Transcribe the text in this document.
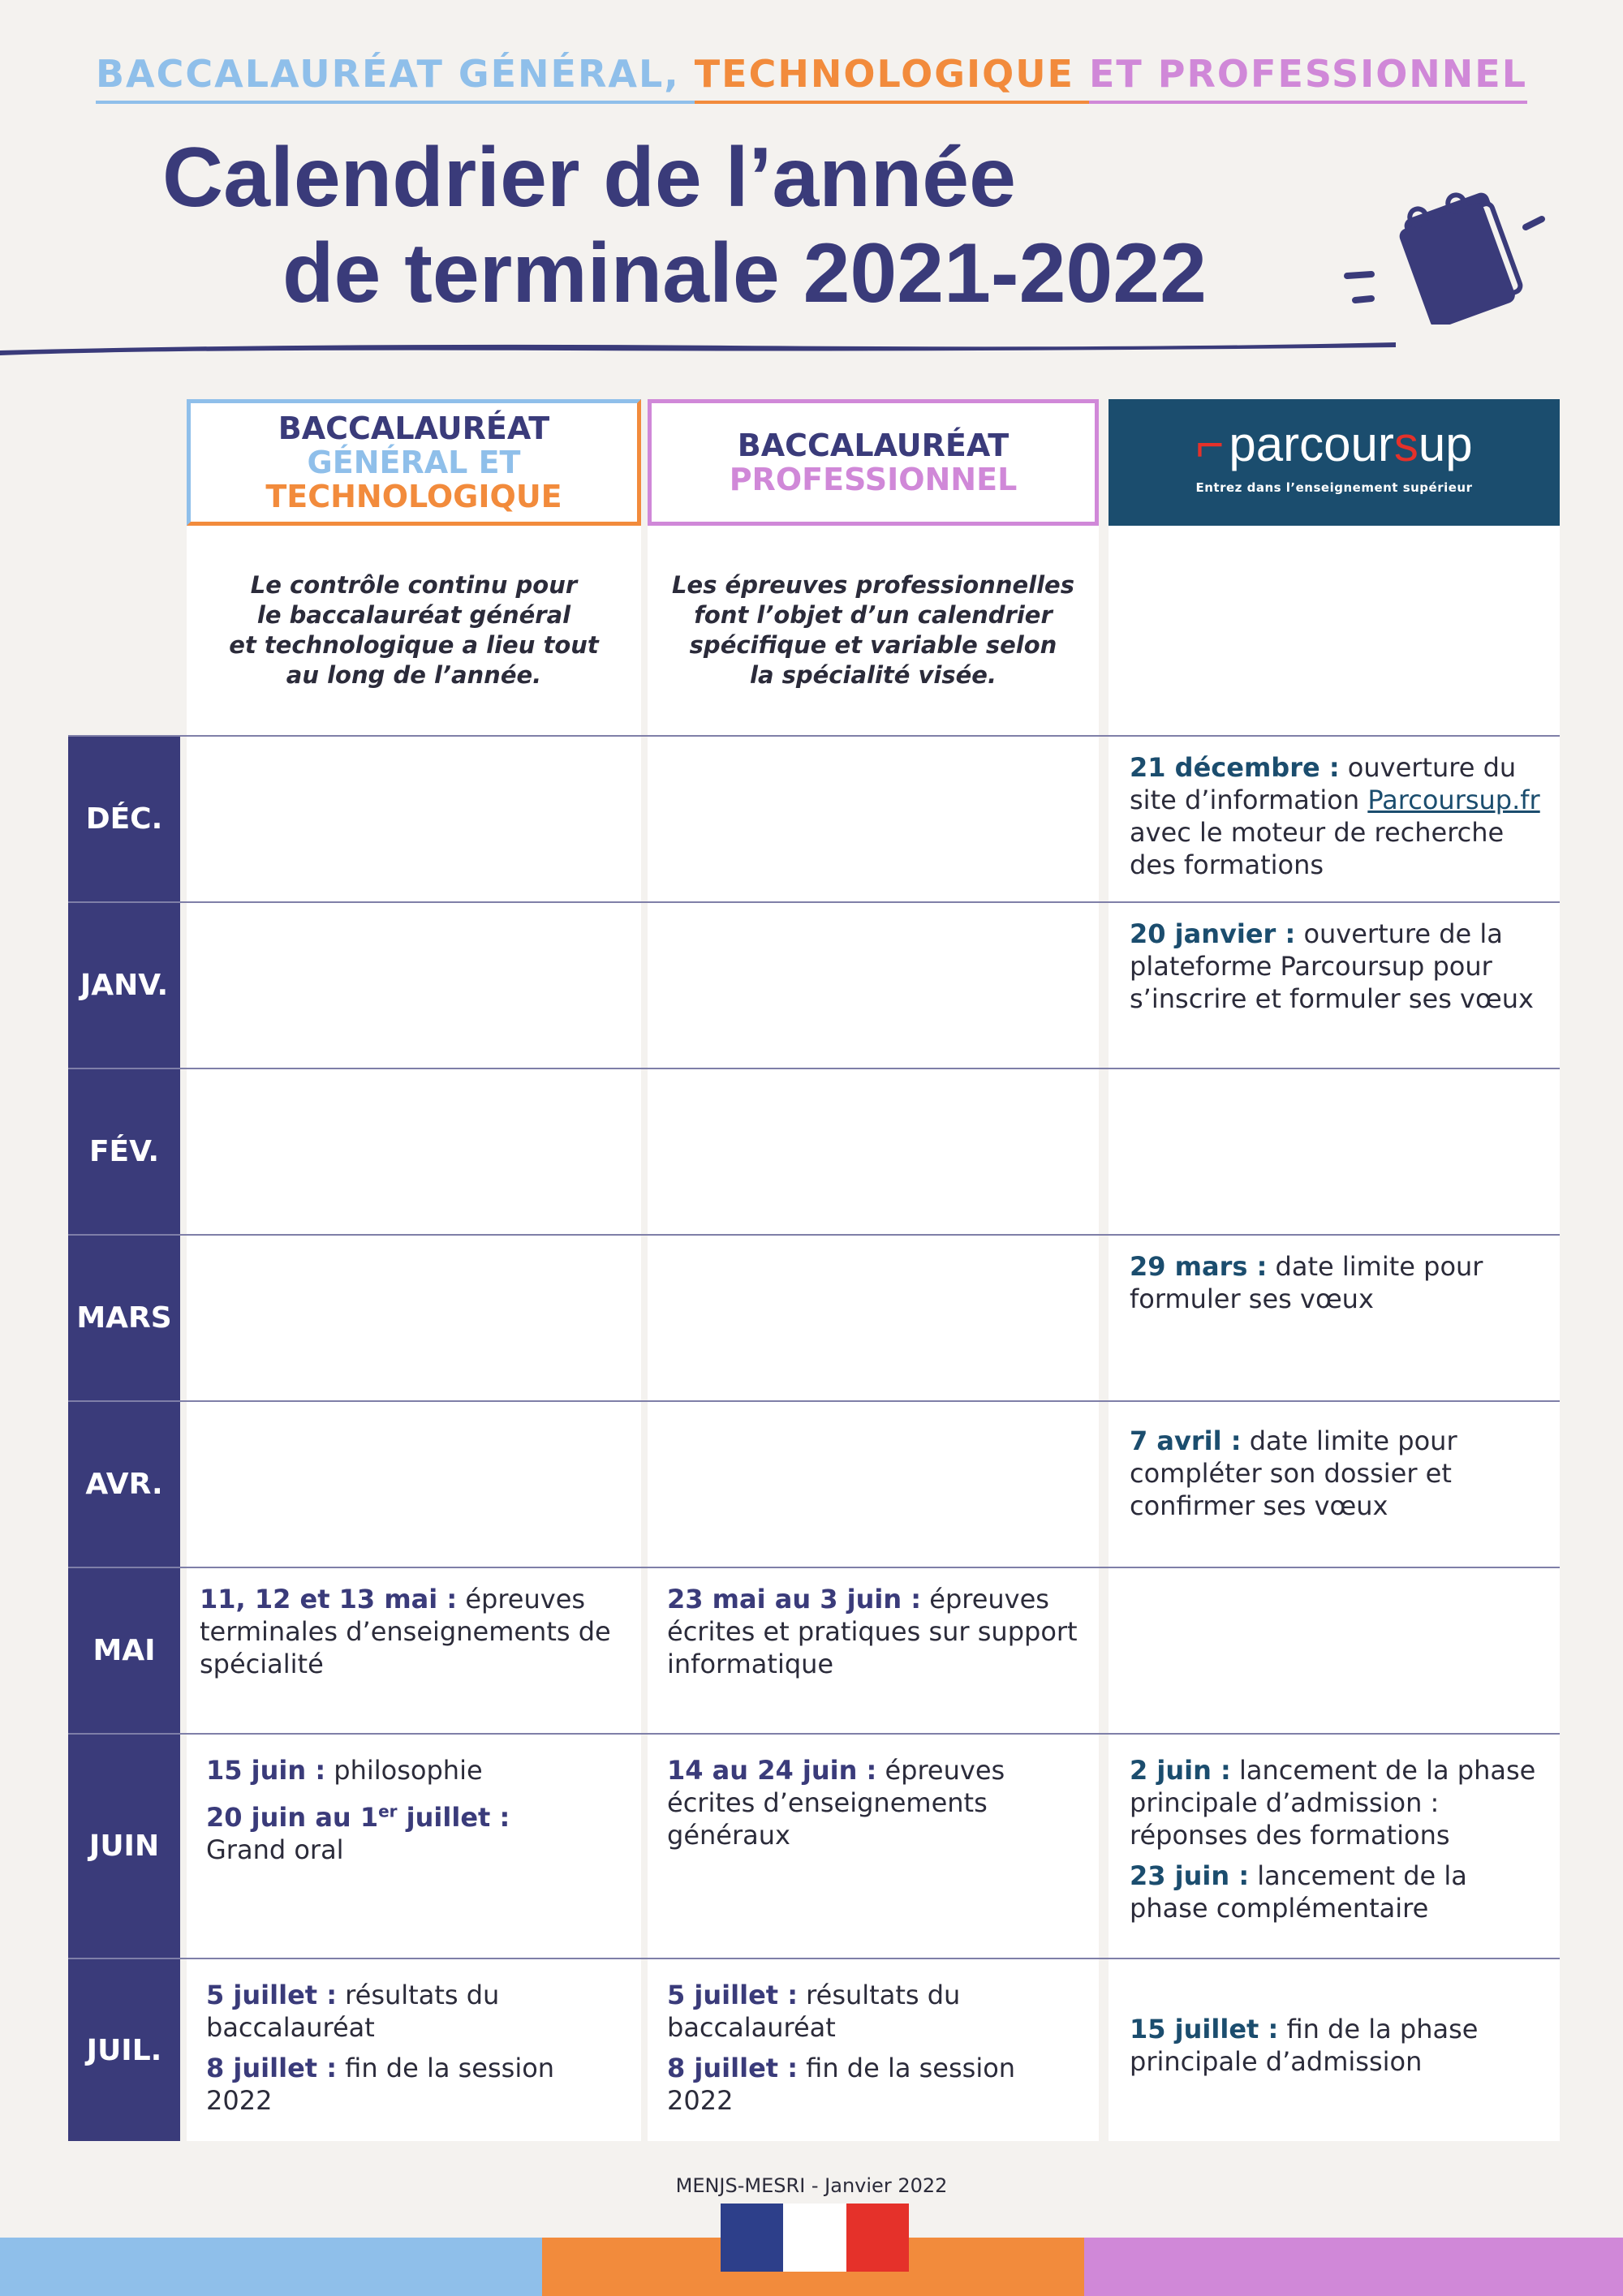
BACCALAURÉAT GÉNÉRAL, TECHNOLOGIQUE ET PROFESSIONNEL
Calendrier de l’année
de terminale 2021-2022
BACCALAURÉAT
GÉNÉRAL ET
TECHNOLOGIQUE
BACCALAURÉAT
PROFESSIONNEL
⌐ parcoursup
Entrez dans l’enseignement supérieur
Le contrôle continu pour
le baccalauréat général
et technologique a lieu tout
au long de l’année.
Les épreuves professionnelles
font l’objet d’un calendrier
spécifique et variable selon
la spécialité visée.
DÉC.

21 décembre : ouverture du site d’information Parcoursup.fr avec le moteur de recherche des formations

JANV.

20 janvier : ouverture de la plateforme Parcoursup pour s’inscrire et formuler ses vœux

FÉV.
MARS

29 mars : date limite pour formuler ses vœux

AVR.

7 avril : date limite pour compléter son dossier et confirmer ses vœux

MAI

11, 12 et 13 mai : épreuves terminales d’enseignements de spécialité

23 mai au 3 juin : épreuves écrites et pratiques sur support informatique

JUIN

15 juin : philosophie

20 juin au 1er juillet :
Grand oral

14 au 24 juin : épreuves écrites d’enseignements généraux

2 juin : lancement de la phase principale d’admission : réponses des formations

23 juin : lancement de la phase complémentaire

JUIL.

5 juillet : résultats du baccalauréat

8 juillet : fin de la session 2022

5 juillet : résultats du baccalauréat

8 juillet : fin de la session 2022

15 juillet : fin de la phase principale d’admission

MENJS-MESRI - Janvier 2022
